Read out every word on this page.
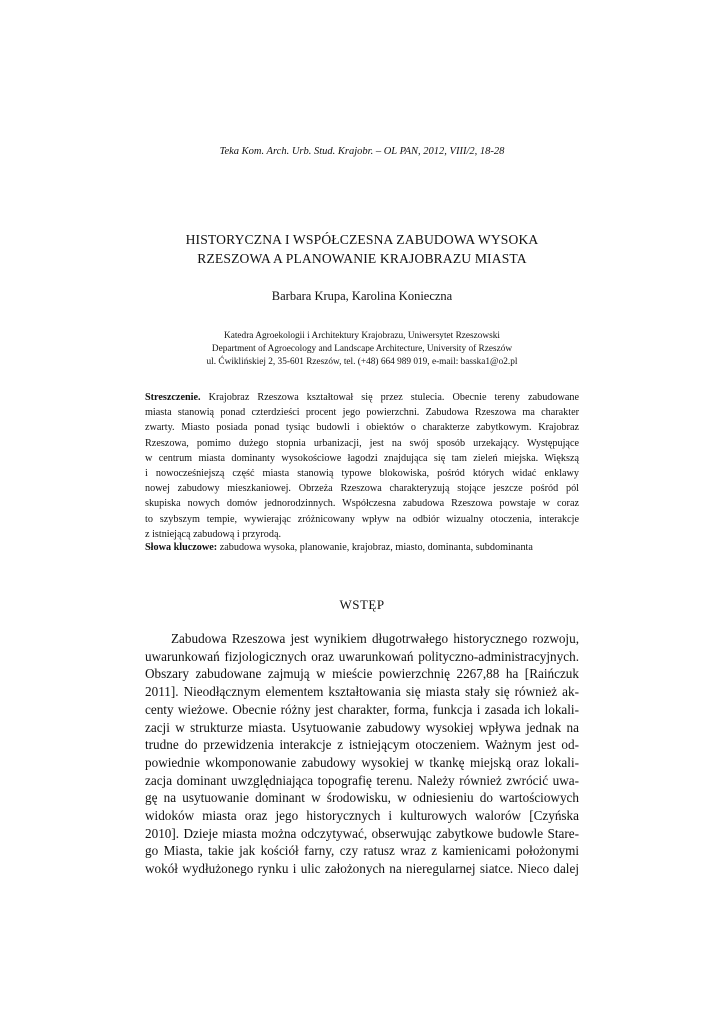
Teka Kom. Arch. Urb. Stud. Krajobr. – OL PAN, 2012, VIII/2, 18-28
HISTORYCZNA I WSPÓŁCZESNA ZABUDOWA WYSOKA
RZESZOWA A PLANOWANIE KRAJOBRAZU MIASTA
Barbara Krupa, Karolina Konieczna
Katedra Agroekologii i Architektury Krajobrazu, Uniwersytet Rzeszowski
Department of Agroecology and Landscape Architecture, University of Rzeszów
ul. Ćwiklińskiej 2, 35-601 Rzeszów, tel. (+48) 664 989 019, e-mail: basska1@o2.pl
Streszczenie. Krajobraz Rzeszowa kształtował się przez stulecia. Obecnie tereny zabudowane
miasta stanowią ponad czterdzieści procent jego powierzchni. Zabudowa Rzeszowa ma charakter
zwarty. Miasto posiada ponad tysiąc budowli i obiektów o charakterze zabytkowym. Krajobraz
Rzeszowa, pomimo dużego stopnia urbanizacji, jest na swój sposób urzekający. Występujące
w centrum miasta dominanty wysokościowe łagodzi znajdująca się tam zieleń miejska. Większą
i nowocześniejszą część miasta stanowią typowe blokowiska, pośród których widać enklawy
nowej zabudowy mieszkaniowej. Obrzeża Rzeszowa charakteryzują stojące jeszcze pośród pól
skupiska nowych domów jednorodzinnych. Współczesna zabudowa Rzeszowa powstaje w coraz
to szybszym tempie, wywierając zróżnicowany wpływ na odbiór wizualny otoczenia, interakcje
z istniejącą zabudową i przyrodą.
Słowa kluczowe: zabudowa wysoka, planowanie, krajobraz, miasto, dominanta, subdominanta
WSTĘP
Zabudowa Rzeszowa jest wynikiem długotrwałego historycznego rozwoju,
uwarunkowań fizjologicznych oraz uwarunkowań polityczno-administracyjnych.
Obszary zabudowane zajmują w mieście powierzchnię 2267,88 ha [Raińczuk
2011]. Nieodłącznym elementem kształtowania się miasta stały się również ak-
centy wieżowe. Obecnie różny jest charakter, forma, funkcja i zasada ich lokali-
zacji w strukturze miasta. Usytuowanie zabudowy wysokiej wpływa jednak na
trudne do przewidzenia interakcje z istniejącym otoczeniem. Ważnym jest od-
powiednie wkomponowanie zabudowy wysokiej w tkankę miejską oraz lokali-
zacja dominant uwzględniająca topografię terenu. Należy również zwrócić uwa-
gę na usytuowanie dominant w środowisku, w odniesieniu do wartościowych
widoków miasta oraz jego historycznych i kulturowych walorów [Czyńska
2010]. Dzieje miasta można odczytywać, obserwując zabytkowe budowle Stare-
go Miasta, takie jak kościół farny, czy ratusz wraz z kamienicami położonymi
wokół wydłużonego rynku i ulic założonych na nieregularnej siatce. Nieco dalej
